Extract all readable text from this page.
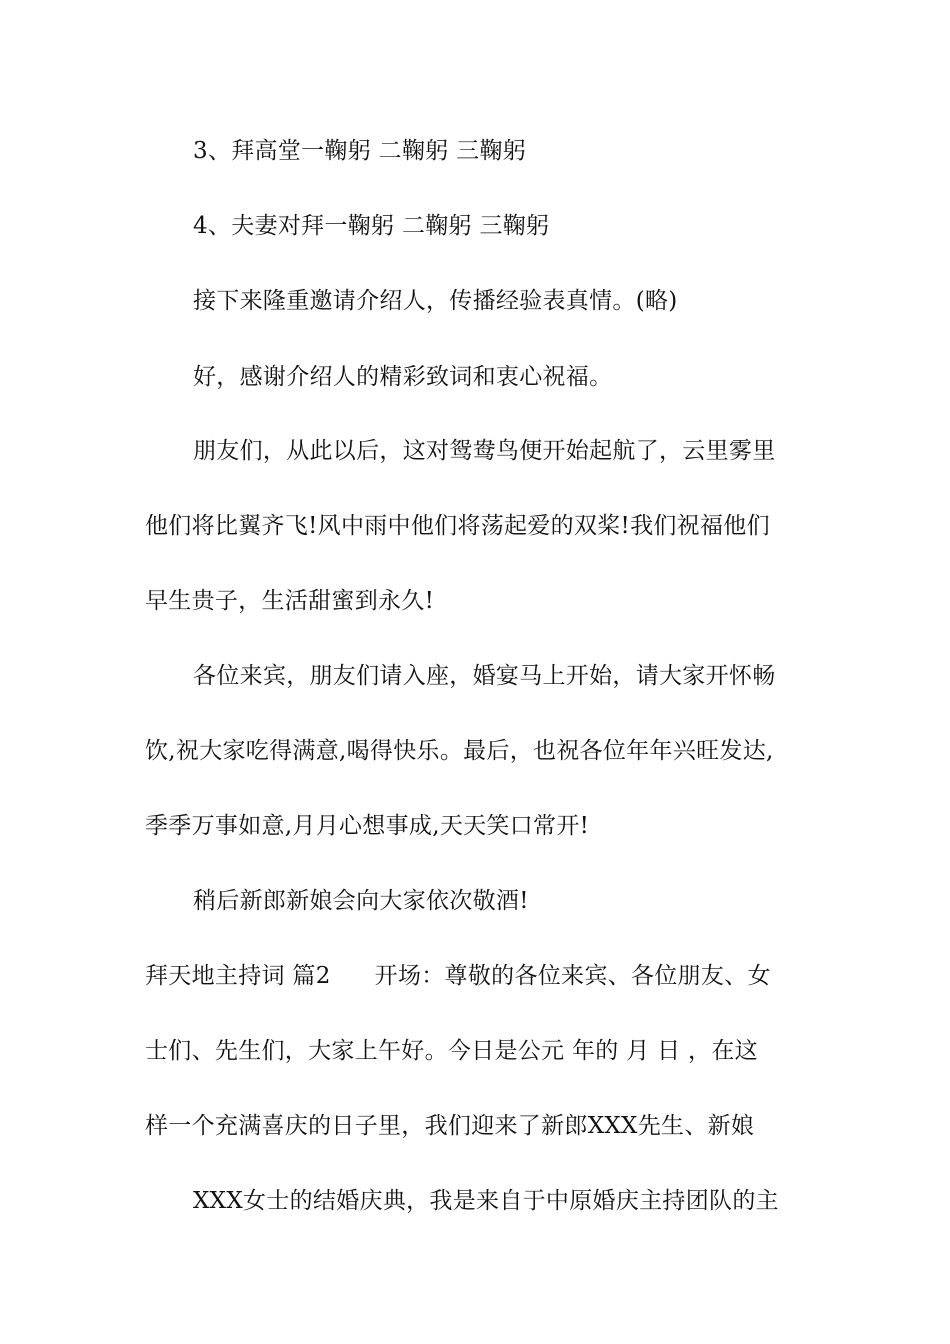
3、拜高堂一鞠躬 二鞠躬 三鞠躬
4、夫妻对拜一鞠躬 二鞠躬 三鞠躬
接下来隆重邀请介绍人，传播经验表真情。(略)
好，感谢介绍人的精彩致词和衷心祝福。
朋友们，从此以后，这对鸳鸯鸟便开始起航了，云里雾里
他们将比翼齐飞!风中雨中他们将荡起爱的双桨!我们祝福他们
早生贵子，生活甜蜜到永久!
各位来宾，朋友们请入座，婚宴马上开始，请大家开怀畅
饮,祝大家吃得满意,喝得快乐。最后，也祝各位年年兴旺发达,
季季万事如意,月月心想事成,天天笑口常开!
稍后新郎新娘会向大家依次敬酒!
拜天地主持词 篇2 开场：尊敬的各位来宾、各位朋友、女
士们、先生们，大家上午好。今日是公元 年的 月 日 ，在这
样一个充满喜庆的日子里，我们迎来了新郎XXX先生、新娘
XXX女士的结婚庆典，我是来自于中原婚庆主持团队的主
